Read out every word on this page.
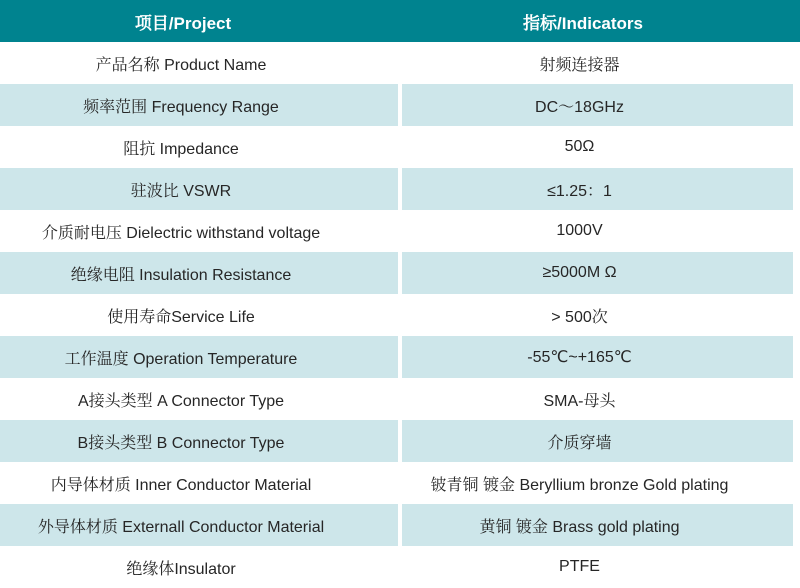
项目/Project	指标/Indicators
产品名称 Product Name	射频连接器
频率范围 Frequency Range	DC～18GHz
阻抗 Impedance	50Ω
驻波比 VSWR	≤1.25：1
介质耐电压 Dielectric withstand voltage	1000V
绝缘电阻 Insulation Resistance	≥5000M Ω
使用寿命Service Life	> 500次
工作温度 Operation Temperature	-55℃~+165℃
A接头类型 A Connector Type	SMA-母头
B接头类型 B Connector Type	介质穿墙
内导体材质 Inner Conductor Material	铍青铜 镀金 Beryllium bronze Gold plating
外导体材质 Externall Conductor Material	黄铜 镀金 Brass gold plating
绝缘体Insulator	PTFE
